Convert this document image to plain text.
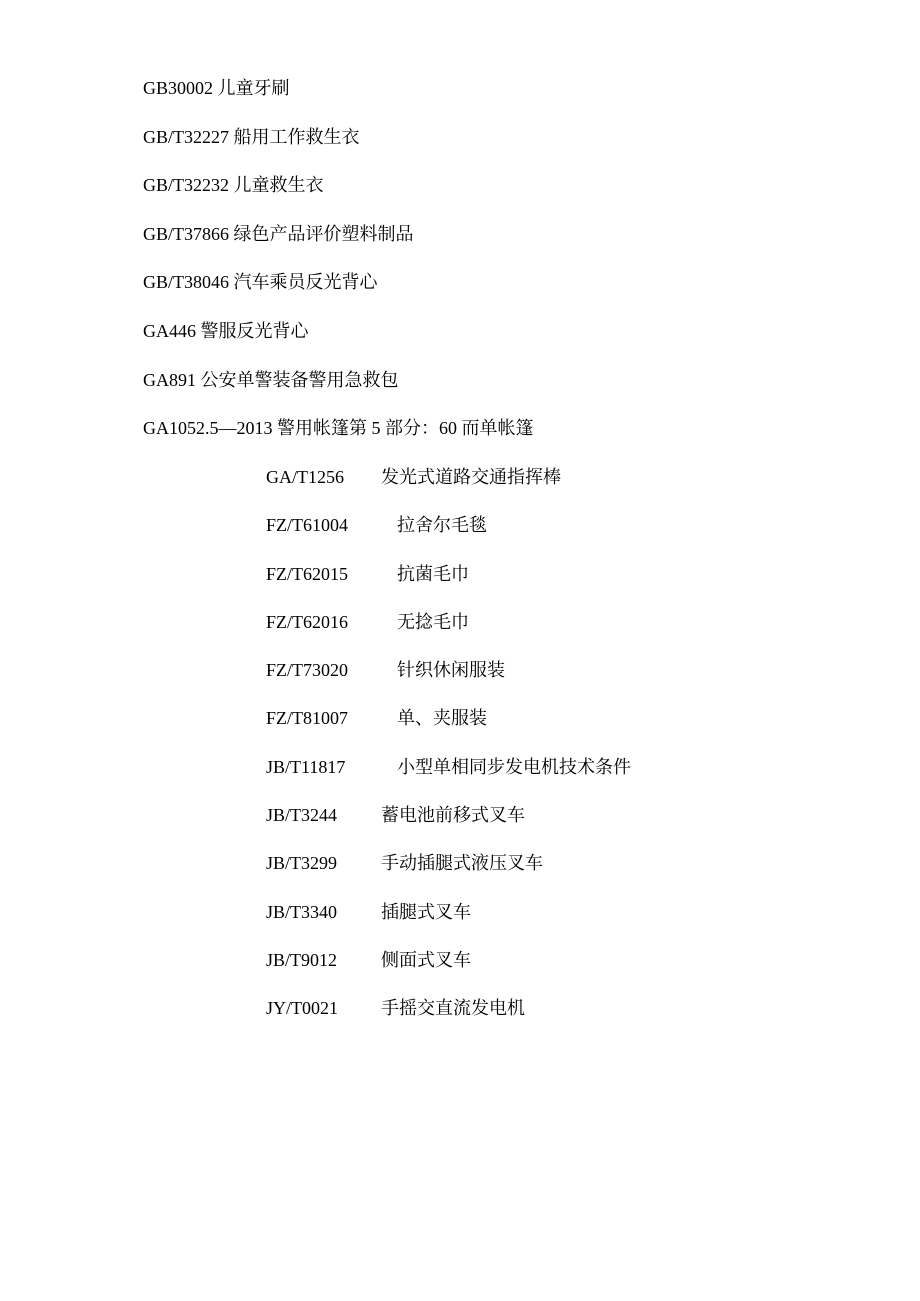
GB30002 儿童牙刷
GB/T32227 船用工作救生衣
GB/T32232 儿童救生衣
GB/T37866 绿色产品评价塑料制品
GB/T38046 汽车乘员反光背心
GA446 警服反光背心
GA891 公安单警装备警用急救包
GA1052.5—2013 警用帐篷第 5 部分：60 而单帐篷
GA/T1256 发光式道路交通指挥棒
FZ/T61004	拉舍尔毛毯
FZ/T62015	抗菌毛巾
FZ/T62016	无捻毛巾
FZ/T73020	针织休闲服装
FZ/T81007	单、夹服装
JB/T11817	小型单相同步发电机技术条件
JB/T3244 蓄电池前移式叉车
JB/T3299 手动插腿式液压叉车
JB/T3340 插腿式叉车
JB/T9012 侧面式叉车
JY/T0021 手摇交直流发电机
